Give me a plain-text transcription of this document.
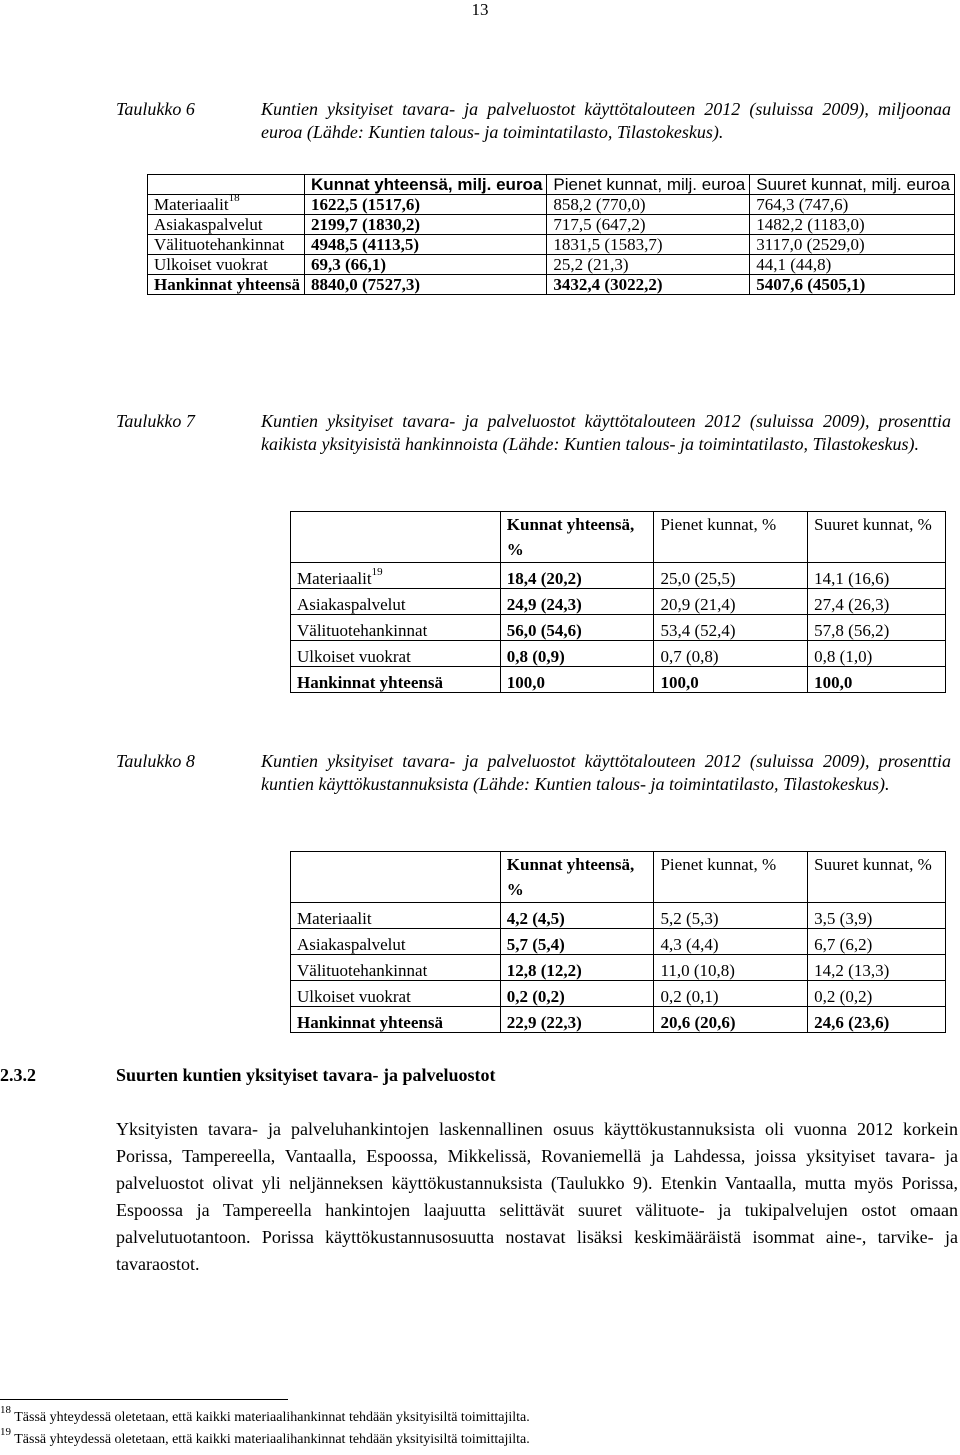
13
Taulukko 6	Kuntien yksityiset tavara- ja palveluostot käyttötalouteen 2012 (suluissa 2009), miljoonaa euroa (Lähde: Kuntien talous- ja toimintatilasto, Tilastokeskus).
	Kunnat yhteensä, milj. euroa	Pienet kunnat, milj. euroa	Suuret kunnat, milj. euroa
Materiaalit$^{18}$	1622,5 (1517,6)	858,2 (770,0)	764,3 (747,6)
Asiakaspalvelut	2199,7 (1830,2)	717,5 (647,2)	1482,2 (1183,0)
Välituotehankinnat	4948,5 (4113,5)	1831,5 (1583,7)	3117,0 (2529,0)
Ulkoiset vuokrat	69,3 (66,1)	25,2 (21,3)	44,1 (44,8)
Hankinnat yhteensä	8840,0 (7527,3)	3432,4 (3022,2)	5407,6 (4505,1)
Taulukko 7	Kuntien yksityiset tavara- ja palveluostot käyttötalouteen 2012 (suluissa 2009), prosenttia kaikista yksityisistä hankinnoista (Lähde: Kuntien talous- ja toimintatilasto, Tilastokeskus).
	Kunnat yhteensä, %	Pienet kunnat, %	Suuret kunnat, %
Materiaalit$^{19}$	18,4 (20,2)	25,0 (25,5)	14,1 (16,6)
Asiakaspalvelut	24,9 (24,3)	20,9 (21,4)	27,4 (26,3)
Välituotehankinnat	56,0 (54,6)	53,4 (52,4)	57,8 (56,2)
Ulkoiset vuokrat	0,8 (0,9)	0,7 (0,8)	0,8 (1,0)
Hankinnat yhteensä	100,0	100,0	100,0
Taulukko 8	Kuntien yksityiset tavara- ja palveluostot käyttötalouteen 2012 (suluissa 2009), prosenttia kuntien käyttökustannuksista (Lähde: Kuntien talous- ja toimintatilasto, Tilastokeskus).
	Kunnat yhteensä, %	Pienet kunnat, %	Suuret kunnat, %
Materiaalit	4,2 (4,5)	5,2 (5,3)	3,5 (3,9)
Asiakaspalvelut	5,7 (5,4)	4,3 (4,4)	6,7 (6,2)
Välituotehankinnat	12,8 (12,2)	11,0 (10,8)	14,2 (13,3)
Ulkoiset vuokrat	0,2 (0,2)	0,2 (0,1)	0,2 (0,2)
Hankinnat yhteensä	22,9 (22,3)	20,6 (20,6)	24,6 (23,6)
2.3.2	Suurten kuntien yksityiset tavara- ja palveluostot
Yksityisten tavara- ja palveluhankintojen laskennallinen osuus käyttökustannuksista oli vuonna 2012 korkein Porissa, Tampereella, Vantaalla, Espoossa, Mikkelissä, Rovaniemellä ja Lahdessa, joissa yksityiset tavara- ja palveluostot olivat yli neljänneksen käyttökustannuksista (Taulukko 9). Etenkin Vantaalla, mutta myös Porissa, Espoossa ja Tampereella hankintojen laajuutta selittävät suuret välituote- ja tukipalvelujen ostot omaan palvelutuotantoon. Porissa käyttökustannusosuutta nostavat lisäksi keskimääräistä isommat aine-, tarvike- ja tavaraostot.
$^{18}$ Tässä yhteydessä oletetaan, että kaikki materiaalihankinnat tehdään yksityisiltä toimittajilta.
$^{19}$ Tässä yhteydessä oletetaan, että kaikki materiaalihankinnat tehdään yksityisiltä toimittajilta.
